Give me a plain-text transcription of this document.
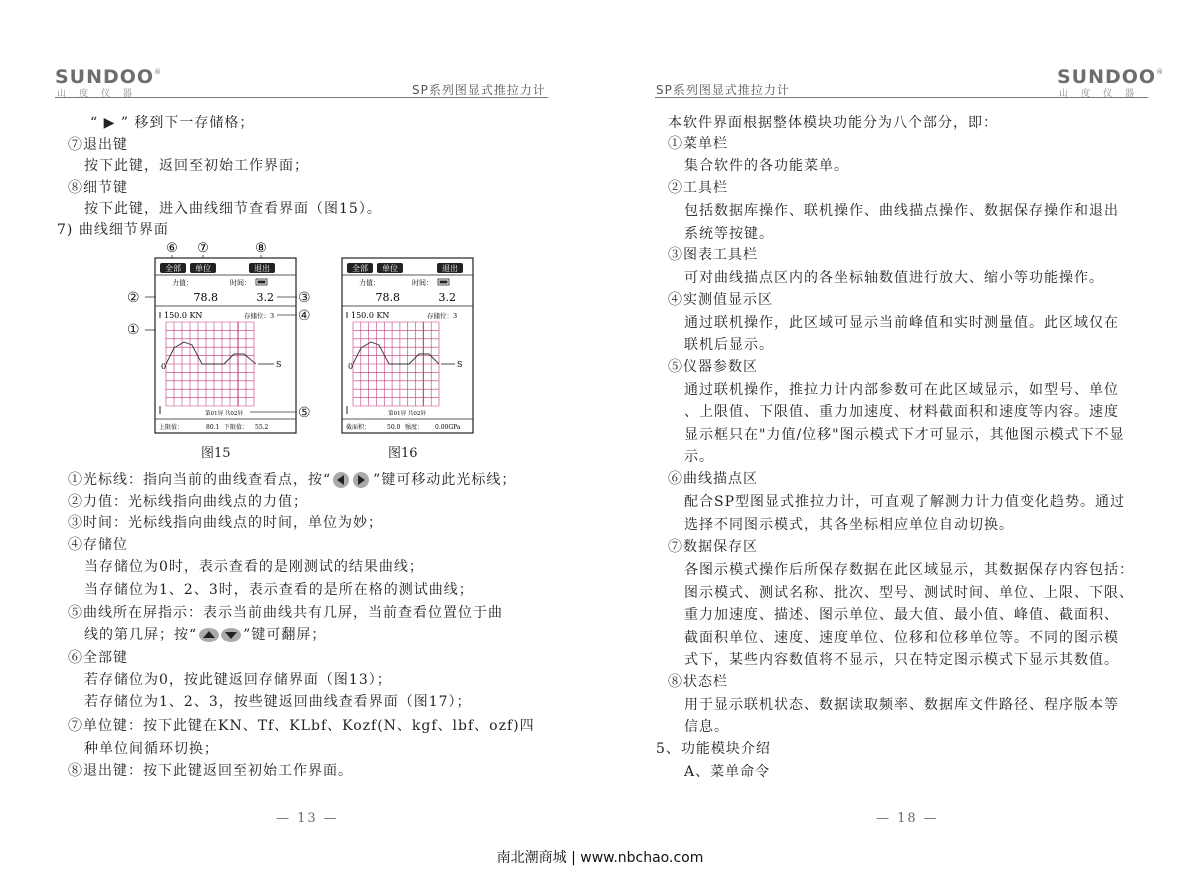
SUNDOO®
山度仪器	SP系列图显式推拉力计
“ ▶ ” 移到下一存储格；
⑦退出键
按下此键，返回至初始工作界面；
⑧细节键
按下此键，进入曲线细节查看界面（图15）。
7) 曲线细节界面
⑥ ⑦	⑧
全部 单位	退出
力值：	时间：
78.8	3.2
150.0 KN	存储位：3
0	S
第01屏 共02屏
上限值：	80.1 下限值： 55.2
②
①
③
④
⑤
全部 单位	退出
力值：	时间：
78.8	3.2
150.0 KN	存储位：3
0	S
第01屏 共02屏
截面积：	50.0 强度： 0.00GPa
图15	图16
①光标线：指向当前的曲线查看点，按“	”键可移动此光标线；
②力值：光标线指向曲线点的力值；
③时间：光标线指向曲线点的时间，单位为妙；
④存储位
当存储位为0时，表示查看的是刚测试的结果曲线；
当存储位为1、2、3时，表示查看的是所在格的测试曲线；
⑤曲线所在屏指示：表示当前曲线共有几屏，当前查看位置位于曲
线的第几屏；按“	”键可翻屏；
⑥全部键
若存储位为0，按此键返回存储界面（图13）；
若存储位为1、2、3，按些键返回曲线查看界面（图17）；
⑦单位键：按下此键在KN、Tf、KLbf、Kozf(N、kgf、lbf、ozf)四
种单位间循环切换；
⑧退出键：按下此键返回至初始工作界面。
— 13 —
SP系列图显式推拉力计
SUNDOO®
山度仪器
本软件界面根据整体模块功能分为八个部分，即：
①菜单栏
集合软件的各功能菜单。
②工具栏
包括数据库操作、联机操作、曲线描点操作、数据保存操作和退出
系统等按键。
③图表工具栏
可对曲线描点区内的各坐标轴数值进行放大、缩小等功能操作。
④实测值显示区
通过联机操作，此区域可显示当前峰值和实时测量值。此区域仅在
联机后显示。
⑤仪器参数区
通过联机操作，推拉力计内部参数可在此区域显示，如型号、单位
、上限值、下限值、重力加速度、材料截面积和速度等内容。速度
显示框只在"力值/位移"图示模式下才可显示，其他图示模式下不显
示。
⑥曲线描点区
配合SP型图显式推拉力计，可直观了解测力计力值变化趋势。通过
选择不同图示模式，其各坐标相应单位自动切换。
⑦数据保存区
各图示模式操作后所保存数据在此区域显示，其数据保存内容包括：
图示模式、测试名称、批次、型号、测试时间、单位、上限、下限、
重力加速度、描述、图示单位、最大值、最小值、峰值、截面积、
截面积单位、速度、速度单位、位移和位移单位等。不同的图示模
式下，某些内容数值将不显示，只在特定图示模式下显示其数值。
⑧状态栏
用于显示联机状态、数据读取频率、数据库文件路径、程序版本等
信息。
5、功能模块介绍
A、菜单命令
— 18 —
南北潮商城 | www.nbchao.com
